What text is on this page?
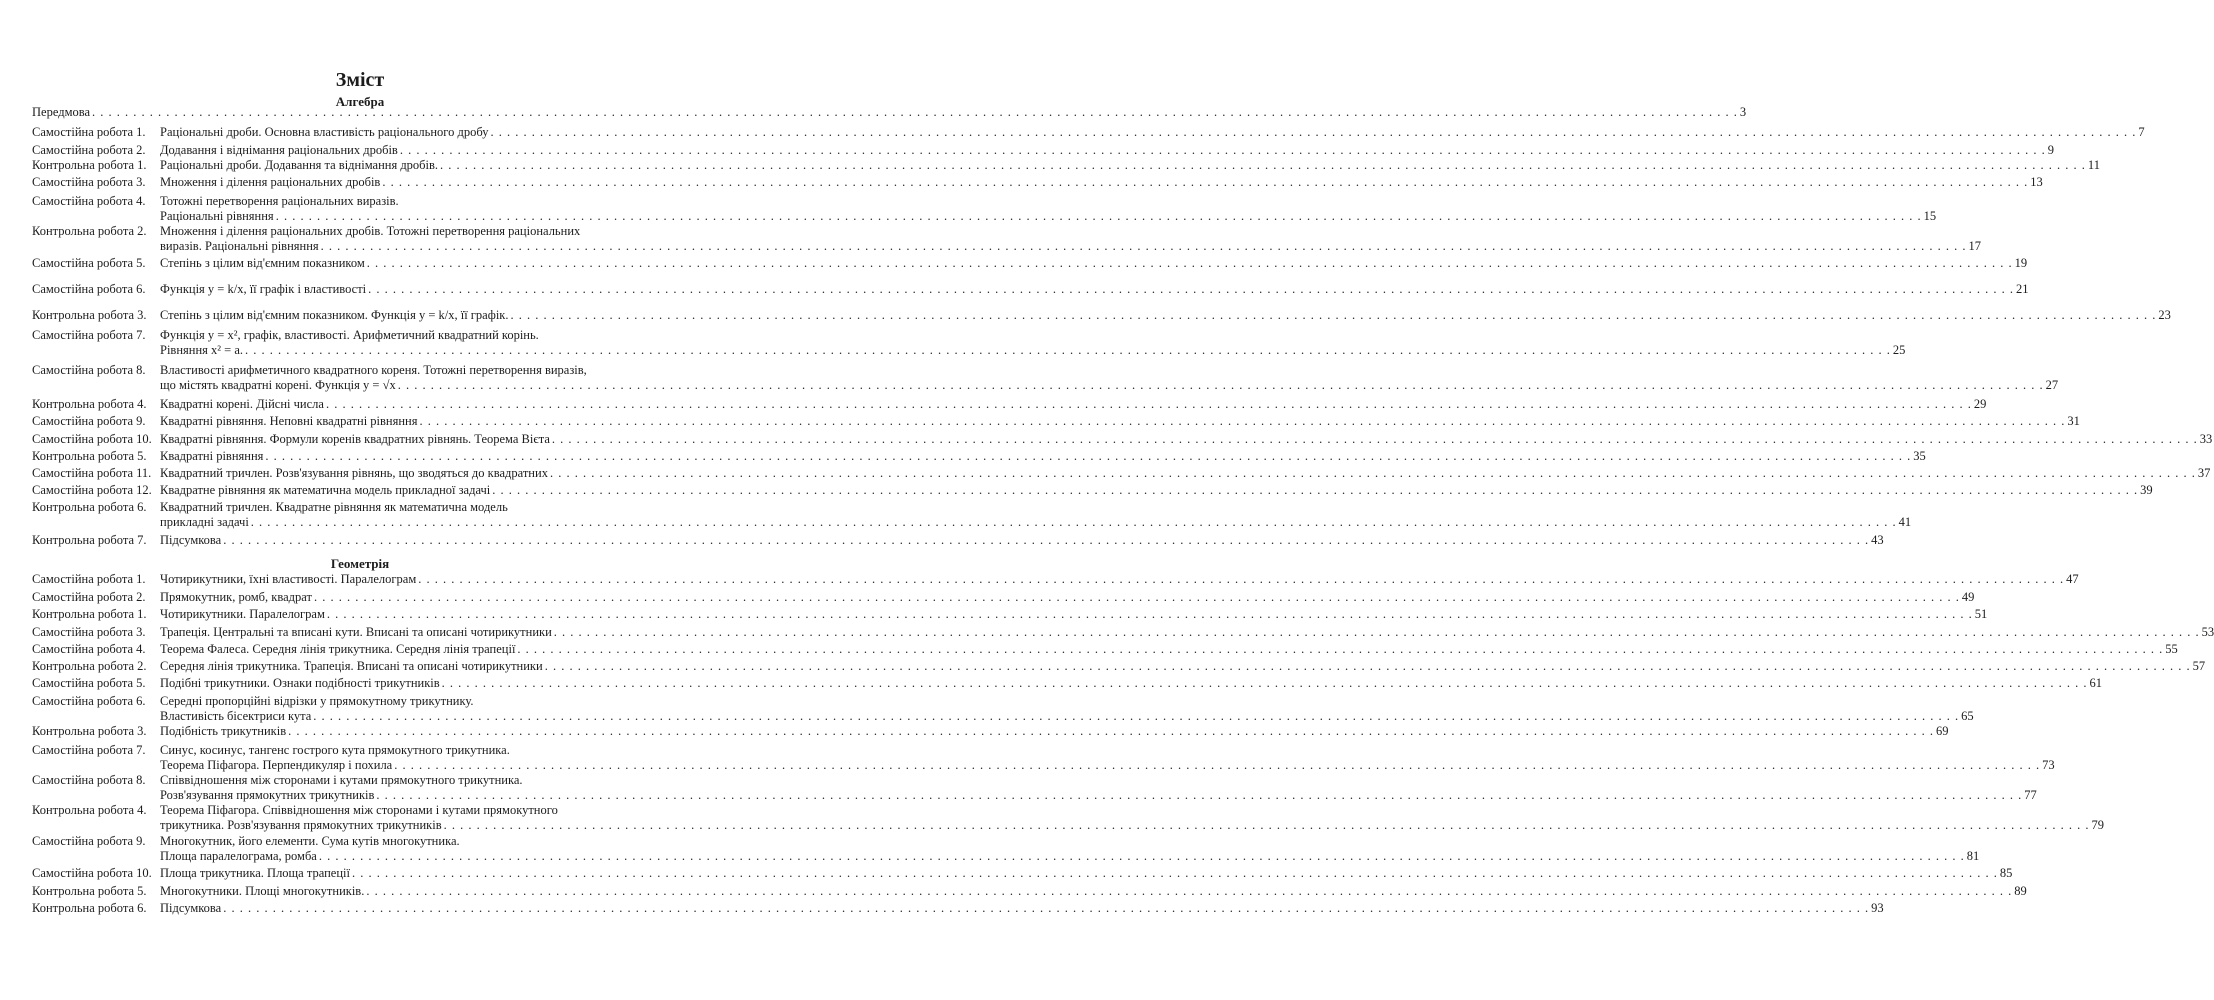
Зміст
Алгебра
Передмова . . . . . . . . . . . . . . . . . . . . . . . . . . . . . . . . . . . . . . . . . . . . . . . . . . . . . . . . . . . . . . . . . . . . . . . . . . . . . . . . . . . . . . . . . . . . . . . . . . . . . . . . . . . . . . . . . . . . . . . . . . . . . . . . . . . . . . . . . . . . . . . . . . . . . . . . . . . . . . . . . . . . . . . . . . . . . . . . . . . . . . . . . . . . . . . . . . . . . . . . 3
Самостійна робота 1. Раціональні дроби. Основна властивість раціонального дробу . . . . . . . . . . . . . . . . . . . . . . . . . . . . . . . . . . . . . . . . . . . . . . . . . . . . . . . . . . . . . . . . . . . . . . . . . . . . . . . . . . . . . . . . . . . . . . . . . . . . . . . . . . . . . . . . . . . . . . . . . . . . . . . . . . . . . . . . . . . . . . . . . . . . . . . . . . . . . . . . . . . . . . . . . . . . . . . . . . . . . . . . . . . . . . . . . . . . . . . . 7
Самостійна робота 2. Додавання і віднімання раціональних дробів . . . . . . . . . . . . . . . . . . . . . . . . . . . . . . . . . . . . . . . . . . . . . . . . . . . . . . . . . . . . . . . . . . . . . . . . . . . . . . . . . . . . . . . . . . . . . . . . . . . . . . . . . . . . . . . . . . . . . . . . . . . . . . . . . . . . . . . . . . . . . . . . . . . . . . . . . . . . . . . . . . . . . . . . . . . . . . . . . . . . . . . . . . . . . . . . . . . . . . . . 9
Контрольна робота 1. Раціональні дроби. Додавання та віднімання дробів. . . . . . . . . . . . . . . . . . . . . . . . . . . . . . . . . . . . . . . . . . . . . . . . . . . . . . . . . . . . . . . . . . . . . . . . . . . . . . . . . . . . . . . . . . . . . . . . . . . . . . . . . . . . . . . . . . . . . . . . . . . . . . . . . . . . . . . . . . . . . . . . . . . . . . . . . . . . . . . . . . . . . . . . . . . . . . . . . . . . . . . . . . . . . . . . . . . . . . . . . 11
Самостійна робота 3. Множення і ділення раціональних дробів . . . . . . . . . . . . . . . . . . . . . . . . . . . . . . . . . . . . . . . . . . . . . . . . . . . . . . . . . . . . . . . . . . . . . . . . . . . . . . . . . . . . . . . . . . . . . . . . . . . . . . . . . . . . . . . . . . . . . . . . . . . . . . . . . . . . . . . . . . . . . . . . . . . . . . . . . . . . . . . . . . . . . . . . . . . . . . . . . . . . . . . . . . . . . . . . . . . . . . . . 13
Самостійна робота 4. Тотожні перетворення раціональних виразів.
Раціональні рівняння . . . . . . . . . . . . . . . . . . . . . . . . . . . . . . . . . . . . . . . . . . . . . . . . . . . . . . . . . . . . . . . . . . . . . . . . . . . . . . . . . . . . . . . . . . . . . . . . . . . . . . . . . . . . . . . . . . . . . . . . . . . . . . . . . . . . . . . . . . . . . . . . . . . . . . . . . . . . . . . . . . . . . . . . . . . . . . . . . . . . . . . . . . . . . . . . . . . . . . . . 15
Контрольна робота 2. Множення і ділення раціональних дробів. Тотожні перетворення раціональних
виразів. Раціональні рівняння . . . . . . . . . . . . . . . . . . . . . . . . . . . . . . . . . . . . . . . . . . . . . . . . . . . . . . . . . . . . . . . . . . . . . . . . . . . . . . . . . . . . . . . . . . . . . . . . . . . . . . . . . . . . . . . . . . . . . . . . . . . . . . . . . . . . . . . . . . . . . . . . . . . . . . . . . . . . . . . . . . . . . . . . . . . . . . . . . . . . . . . . . . . . . . . . . . . . . . . . 17
Самостійна робота 5. Степінь з цілим від'ємним показником . . . . . . . . . . . . . . . . . . . . . . . . . . . . . . . . . . . . . . . . . . . . . . . . . . . . . . . . . . . . . . . . . . . . . . . . . . . . . . . . . . . . . . . . . . . . . . . . . . . . . . . . . . . . . . . . . . . . . . . . . . . . . . . . . . . . . . . . . . . . . . . . . . . . . . . . . . . . . . . . . . . . . . . . . . . . . . . . . . . . . . . . . . . . . . . . . . . . . . . . 19
Самостійна робота 6. Функція y = k/x, її графік і властивості . . . . . . . . . . . . . . . . . . . . . . . . . . . . . . . . . . . . . . . . . . . . . . . . . . . . . . . . . . . . . . . . . . . . . . . . . . . . . . . . . . . . . . . . . . . . . . . . . . . . . . . . . . . . . . . . . . . . . . . . . . . . . . . . . . . . . . . . . . . . . . . . . . . . . . . . . . . . . . . . . . . . . . . . . . . . . . . . . . . . . . . . . . . . . . . . . . . . . . . . 21
Контрольна робота 3. Степінь з цілим від'ємним показником. Функція y = k/x, її графік. . . . . . . . . . . . . . . . . . . . . . . . . . . . . . . . . . . . . . . . . . . . . . . . . . . . . . . . . . . . . . . . . . . . . . . . . . . . . . . . . . . . . . . . . . . . . . . . . . . . . . . . . . . . . . . . . . . . . . . . . . . . . . . . . . . . . . . . . . . . . . . . . . . . . . . . . . . . . . . . . . . . . . . . . . . . . . . . . . . . . . . . . . . . . . . . . . . . . . . . . 23
Самостійна робота 7. Функція y = x², графік, властивості. Арифметичний квадратний корінь.
Рівняння x² = a. . . . . . . . . . . . . . . . . . . . . . . . . . . . . . . . . . . . . . . . . . . . . . . . . . . . . . . . . . . . . . . . . . . . . . . . . . . . . . . . . . . . . . . . . . . . . . . . . . . . . . . . . . . . . . . . . . . . . . . . . . . . . . . . . . . . . . . . . . . . . . . . . . . . . . . . . . . . . . . . . . . . . . . . . . . . . . . . . . . . . . . . . . . . . . . . . . . . . . . . . 25
Самостійна робота 8. Властивості арифметичного квадратного кореня. Тотожні перетворення виразів,
що містять квадратні корені. Функція y = √x . . . . . . . . . . . . . . . . . . . . . . . . . . . . . . . . . . . . . . . . . . . . . . . . . . . . . . . . . . . . . . . . . . . . . . . . . . . . . . . . . . . . . . . . . . . . . . . . . . . . . . . . . . . . . . . . . . . . . . . . . . . . . . . . . . . . . . . . . . . . . . . . . . . . . . . . . . . . . . . . . . . . . . . . . . . . . . . . . . . . . . . . . . . . . . . . . . . . . . . . 27
Контрольна робота 4. Квадратні корені. Дійсні числа . . . . . . . . . . . . . . . . . . . . . . . . . . . . . . . . . . . . . . . . . . . . . . . . . . . . . . . . . . . . . . . . . . . . . . . . . . . . . . . . . . . . . . . . . . . . . . . . . . . . . . . . . . . . . . . . . . . . . . . . . . . . . . . . . . . . . . . . . . . . . . . . . . . . . . . . . . . . . . . . . . . . . . . . . . . . . . . . . . . . . . . . . . . . . . . . . . . . . . . . 29
Самостійна робота 9. Квадратні рівняння. Неповні квадратні рівняння . . . . . . . . . . . . . . . . . . . . . . . . . . . . . . . . . . . . . . . . . . . . . . . . . . . . . . . . . . . . . . . . . . . . . . . . . . . . . . . . . . . . . . . . . . . . . . . . . . . . . . . . . . . . . . . . . . . . . . . . . . . . . . . . . . . . . . . . . . . . . . . . . . . . . . . . . . . . . . . . . . . . . . . . . . . . . . . . . . . . . . . . . . . . . . . . . . . . . . . . 31
Самостійна робота 10. Квадратні рівняння. Формули коренів квадратних рівнянь. Теорема Вієта . . . . . . . . . . . . . . . . . . . . . . . . . . . . . . . . . . . . . . . . . . . . . . . . . . . . . . . . . . . . . . . . . . . . . . . . . . . . . . . . . . . . . . . . . . . . . . . . . . . . . . . . . . . . . . . . . . . . . . . . . . . . . . . . . . . . . . . . . . . . . . . . . . . . . . . . . . . . . . . . . . . . . . . . . . . . . . . . . . . . . . . . . . . . . . . . . . . . . . . . 33
Контрольна робота 5. Квадратні рівняння . . . . . . . . . . . . . . . . . . . . . . . . . . . . . . . . . . . . . . . . . . . . . . . . . . . . . . . . . . . . . . . . . . . . . . . . . . . . . . . . . . . . . . . . . . . . . . . . . . . . . . . . . . . . . . . . . . . . . . . . . . . . . . . . . . . . . . . . . . . . . . . . . . . . . . . . . . . . . . . . . . . . . . . . . . . . . . . . . . . . . . . . . . . . . . . . . . . . . . . . 35
Самостійна робота 11. Квадратний тричлен. Розв'язування рівнянь, що зводяться до квадратних . . . . . . . . . . . . . . . . . . . . . . . . . . . . . . . . . . . . . . . . . . . . . . . . . . . . . . . . . . . . . . . . . . . . . . . . . . . . . . . . . . . . . . . . . . . . . . . . . . . . . . . . . . . . . . . . . . . . . . . . . . . . . . . . . . . . . . . . . . . . . . . . . . . . . . . . . . . . . . . . . . . . . . . . . . . . . . . . . . . . . . . . . . . . . . . . . . . . . . . . 37
Самостійна робота 12. Квадратне рівняння як математична модель прикладної задачі . . . . . . . . . . . . . . . . . . . . . . . . . . . . . . . . . . . . . . . . . . . . . . . . . . . . . . . . . . . . . . . . . . . . . . . . . . . . . . . . . . . . . . . . . . . . . . . . . . . . . . . . . . . . . . . . . . . . . . . . . . . . . . . . . . . . . . . . . . . . . . . . . . . . . . . . . . . . . . . . . . . . . . . . . . . . . . . . . . . . . . . . . . . . . . . . . . . . . . . . 39
Контрольна робота 6. Квадратний тричлен. Квадратне рівняння як математична модель
прикладні задачі . . . . . . . . . . . . . . . . . . . . . . . . . . . . . . . . . . . . . . . . . . . . . . . . . . . . . . . . . . . . . . . . . . . . . . . . . . . . . . . . . . . . . . . . . . . . . . . . . . . . . . . . . . . . . . . . . . . . . . . . . . . . . . . . . . . . . . . . . . . . . . . . . . . . . . . . . . . . . . . . . . . . . . . . . . . . . . . . . . . . . . . . . . . . . . . . . . . . . . . . 41
Контрольна робота 7. Підсумкова . . . . . . . . . . . . . . . . . . . . . . . . . . . . . . . . . . . . . . . . . . . . . . . . . . . . . . . . . . . . . . . . . . . . . . . . . . . . . . . . . . . . . . . . . . . . . . . . . . . . . . . . . . . . . . . . . . . . . . . . . . . . . . . . . . . . . . . . . . . . . . . . . . . . . . . . . . . . . . . . . . . . . . . . . . . . . . . . . . . . . . . . . . . . . . . . . . . . . . . . 43
Геометрія
Самостійна робота 1. Чотирикутники, їхні властивості. Паралелограм . . . . . . . . . . . . . . . . . . . . . . . . . . . . . . . . . . . . . . . . . . . . . . . . . . . . . . . . . . . . . . . . . . . . . . . . . . . . . . . . . . . . . . . . . . . . . . . . . . . . . . . . . . . . . . . . . . . . . . . . . . . . . . . . . . . . . . . . . . . . . . . . . . . . . . . . . . . . . . . . . . . . . . . . . . . . . . . . . . . . . . . . . . . . . . . . . . . . . . . . 47
Самостійна робота 2. Прямокутник, ромб, квадрат . . . . . . . . . . . . . . . . . . . . . . . . . . . . . . . . . . . . . . . . . . . . . . . . . . . . . . . . . . . . . . . . . . . . . . . . . . . . . . . . . . . . . . . . . . . . . . . . . . . . . . . . . . . . . . . . . . . . . . . . . . . . . . . . . . . . . . . . . . . . . . . . . . . . . . . . . . . . . . . . . . . . . . . . . . . . . . . . . . . . . . . . . . . . . . . . . . . . . . . . 49
Контрольна робота 1. Чотирикутники. Паралелограм . . . . . . . . . . . . . . . . . . . . . . . . . . . . . . . . . . . . . . . . . . . . . . . . . . . . . . . . . . . . . . . . . . . . . . . . . . . . . . . . . . . . . . . . . . . . . . . . . . . . . . . . . . . . . . . . . . . . . . . . . . . . . . . . . . . . . . . . . . . . . . . . . . . . . . . . . . . . . . . . . . . . . . . . . . . . . . . . . . . . . . . . . . . . . . . . . . . . . . . . 51
Самостійна робота 3. Трапеція. Центральні та вписані кути. Вписані та описані чотирикутники . . . . . . . . . . . . . . . . . . . . . . . . . . . . . . . . . . . . . . . . . . . . . . . . . . . . . . . . . . . . . . . . . . . . . . . . . . . . . . . . . . . . . . . . . . . . . . . . . . . . . . . . . . . . . . . . . . . . . . . . . . . . . . . . . . . . . . . . . . . . . . . . . . . . . . . . . . . . . . . . . . . . . . . . . . . . . . . . . . . . . . . . . . . . . . . . . . . . . . . . 53
Самостійна робота 4. Теорема Фалеса. Середня лінія трикутника. Середня лінія трапеції . . . . . . . . . . . . . . . . . . . . . . . . . . . . . . . . . . . . . . . . . . . . . . . . . . . . . . . . . . . . . . . . . . . . . . . . . . . . . . . . . . . . . . . . . . . . . . . . . . . . . . . . . . . . . . . . . . . . . . . . . . . . . . . . . . . . . . . . . . . . . . . . . . . . . . . . . . . . . . . . . . . . . . . . . . . . . . . . . . . . . . . . . . . . . . . . . . . . . . . . 55
Контрольна робота 2. Середня лінія трикутника. Трапеція. Вписані та описані чотирикутники . . . . . . . . . . . . . . . . . . . . . . . . . . . . . . . . . . . . . . . . . . . . . . . . . . . . . . . . . . . . . . . . . . . . . . . . . . . . . . . . . . . . . . . . . . . . . . . . . . . . . . . . . . . . . . . . . . . . . . . . . . . . . . . . . . . . . . . . . . . . . . . . . . . . . . . . . . . . . . . . . . . . . . . . . . . . . . . . . . . . . . . . . . . . . . . . . . . . . . . . 57
Самостійна робота 5. Подібні трикутники. Ознаки подібності трикутників . . . . . . . . . . . . . . . . . . . . . . . . . . . . . . . . . . . . . . . . . . . . . . . . . . . . . . . . . . . . . . . . . . . . . . . . . . . . . . . . . . . . . . . . . . . . . . . . . . . . . . . . . . . . . . . . . . . . . . . . . . . . . . . . . . . . . . . . . . . . . . . . . . . . . . . . . . . . . . . . . . . . . . . . . . . . . . . . . . . . . . . . . . . . . . . . . . . . . . . . 61
Самостійна робота 6. Середні пропорційні відрізки у прямокутному трикутнику.
Властивість бісектриси кута . . . . . . . . . . . . . . . . . . . . . . . . . . . . . . . . . . . . . . . . . . . . . . . . . . . . . . . . . . . . . . . . . . . . . . . . . . . . . . . . . . . . . . . . . . . . . . . . . . . . . . . . . . . . . . . . . . . . . . . . . . . . . . . . . . . . . . . . . . . . . . . . . . . . . . . . . . . . . . . . . . . . . . . . . . . . . . . . . . . . . . . . . . . . . . . . . . . . . . . . 65
Контрольна робота 3. Подібність трикутників . . . . . . . . . . . . . . . . . . . . . . . . . . . . . . . . . . . . . . . . . . . . . . . . . . . . . . . . . . . . . . . . . . . . . . . . . . . . . . . . . . . . . . . . . . . . . . . . . . . . . . . . . . . . . . . . . . . . . . . . . . . . . . . . . . . . . . . . . . . . . . . . . . . . . . . . . . . . . . . . . . . . . . . . . . . . . . . . . . . . . . . . . . . . . . . . . . . . . . . . 69
Самостійна робота 7. Синус, косинус, тангенс гострого кута прямокутного трикутника.
Теорема Піфагора. Перпендикуляр і похила . . . . . . . . . . . . . . . . . . . . . . . . . . . . . . . . . . . . . . . . . . . . . . . . . . . . . . . . . . . . . . . . . . . . . . . . . . . . . . . . . . . . . . . . . . . . . . . . . . . . . . . . . . . . . . . . . . . . . . . . . . . . . . . . . . . . . . . . . . . . . . . . . . . . . . . . . . . . . . . . . . . . . . . . . . . . . . . . . . . . . . . . . . . . . . . . . . . . . . . . 73
Самостійна робота 8. Співвідношення між сторонами і кутами прямокутного трикутника.
Розв'язування прямокутних трикутників . . . . . . . . . . . . . . . . . . . . . . . . . . . . . . . . . . . . . . . . . . . . . . . . . . . . . . . . . . . . . . . . . . . . . . . . . . . . . . . . . . . . . . . . . . . . . . . . . . . . . . . . . . . . . . . . . . . . . . . . . . . . . . . . . . . . . . . . . . . . . . . . . . . . . . . . . . . . . . . . . . . . . . . . . . . . . . . . . . . . . . . . . . . . . . . . . . . . . . . . 77
Контрольна робота 4. Теорема Піфагора. Співвідношення між сторонами і кутами прямокутного
трикутника. Розв'язування прямокутних трикутників . . . . . . . . . . . . . . . . . . . . . . . . . . . . . . . . . . . . . . . . . . . . . . . . . . . . . . . . . . . . . . . . . . . . . . . . . . . . . . . . . . . . . . . . . . . . . . . . . . . . . . . . . . . . . . . . . . . . . . . . . . . . . . . . . . . . . . . . . . . . . . . . . . . . . . . . . . . . . . . . . . . . . . . . . . . . . . . . . . . . . . . . . . . . . . . . . . . . . . . . 79
Самостійна робота 9. Многокутник, його елементи. Сума кутів многокутника.
Площа паралелограма, ромба . . . . . . . . . . . . . . . . . . . . . . . . . . . . . . . . . . . . . . . . . . . . . . . . . . . . . . . . . . . . . . . . . . . . . . . . . . . . . . . . . . . . . . . . . . . . . . . . . . . . . . . . . . . . . . . . . . . . . . . . . . . . . . . . . . . . . . . . . . . . . . . . . . . . . . . . . . . . . . . . . . . . . . . . . . . . . . . . . . . . . . . . . . . . . . . . . . . . . . . . 81
Самостійна робота 10. Площа трикутника. Площа трапеції . . . . . . . . . . . . . . . . . . . . . . . . . . . . . . . . . . . . . . . . . . . . . . . . . . . . . . . . . . . . . . . . . . . . . . . . . . . . . . . . . . . . . . . . . . . . . . . . . . . . . . . . . . . . . . . . . . . . . . . . . . . . . . . . . . . . . . . . . . . . . . . . . . . . . . . . . . . . . . . . . . . . . . . . . . . . . . . . . . . . . . . . . . . . . . . . . . . . . . . . 85
Контрольна робота 5. Многокутники. Площі многокутників. . . . . . . . . . . . . . . . . . . . . . . . . . . . . . . . . . . . . . . . . . . . . . . . . . . . . . . . . . . . . . . . . . . . . . . . . . . . . . . . . . . . . . . . . . . . . . . . . . . . . . . . . . . . . . . . . . . . . . . . . . . . . . . . . . . . . . . . . . . . . . . . . . . . . . . . . . . . . . . . . . . . . . . . . . . . . . . . . . . . . . . . . . . . . . . . . . . . . . . . . 89
Контрольна робота 6. Підсумкова . . . . . . . . . . . . . . . . . . . . . . . . . . . . . . . . . . . . . . . . . . . . . . . . . . . . . . . . . . . . . . . . . . . . . . . . . . . . . . . . . . . . . . . . . . . . . . . . . . . . . . . . . . . . . . . . . . . . . . . . . . . . . . . . . . . . . . . . . . . . . . . . . . . . . . . . . . . . . . . . . . . . . . . . . . . . . . . . . . . . . . . . . . . . . . . . . . . . . . . . 93
